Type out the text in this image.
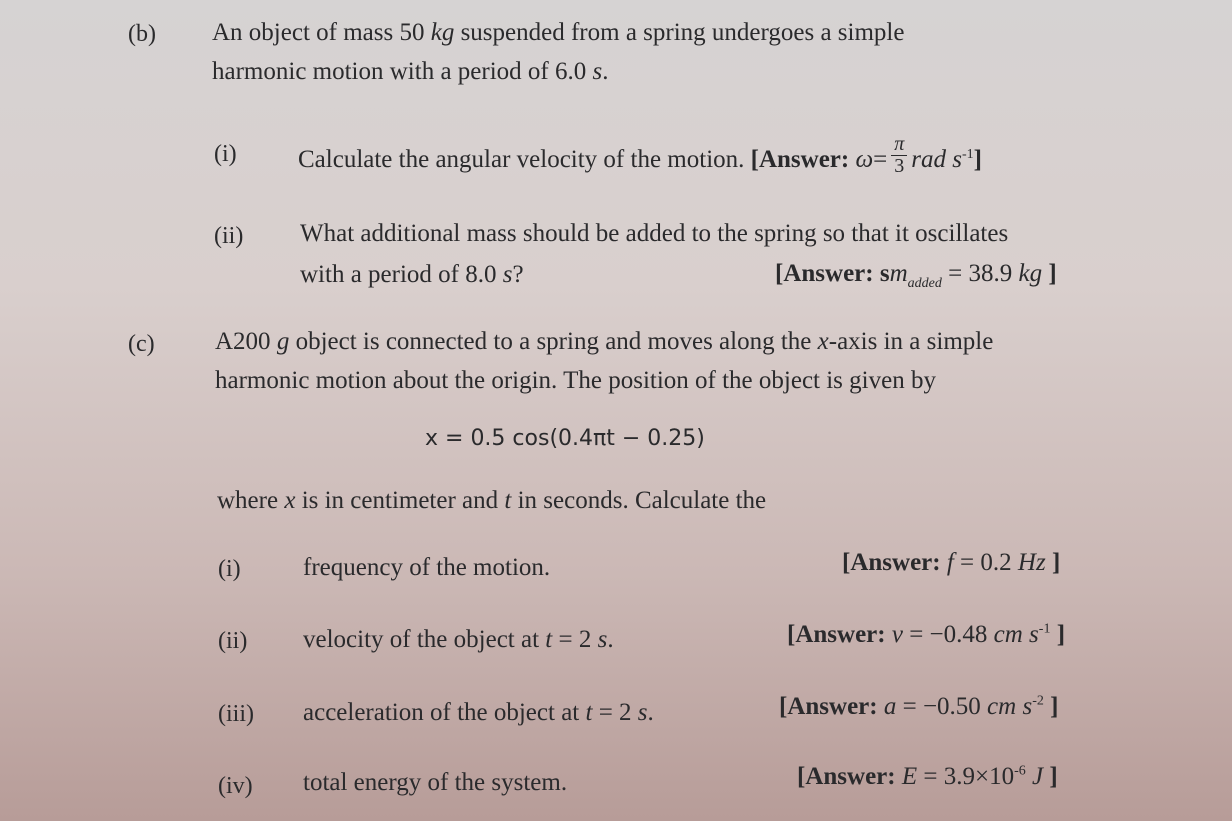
(b) An object of mass 50 kg suspended from a spring undergoes a simple
harmonic motion with a period of 6.0 s.
(i) Calculate the angular velocity of the motion. [Answer: $\omega= \frac{\pi}{3}$ rad $s^{-1}$]
(ii) What additional mass should be added to the spring so that it oscillates
with a period of 8.0 s?	[Answer: $sm_{added} = 38.9$ kg ]
(c) A200 g object is connected to a spring and moves along the x-axis in a simple
harmonic motion about the origin. The position of the object is given by
x = 0.5 cos(0.4πt − 0.25)
where x is in centimeter and t in seconds. Calculate the
(i) frequency of the motion.	[Answer: f = 0.2 Hz ]
(ii) velocity of the object at t = 2 s.	[Answer: v = −0.48 cm $s^{-1}$ ]
(iii) acceleration of the object at t = 2 s.	[Answer: a = −0.50 cm $s^{-2}$ ]
(iv) total energy of the system.	[Answer: $E = 3.9\times 10^{-6}$ J ]
